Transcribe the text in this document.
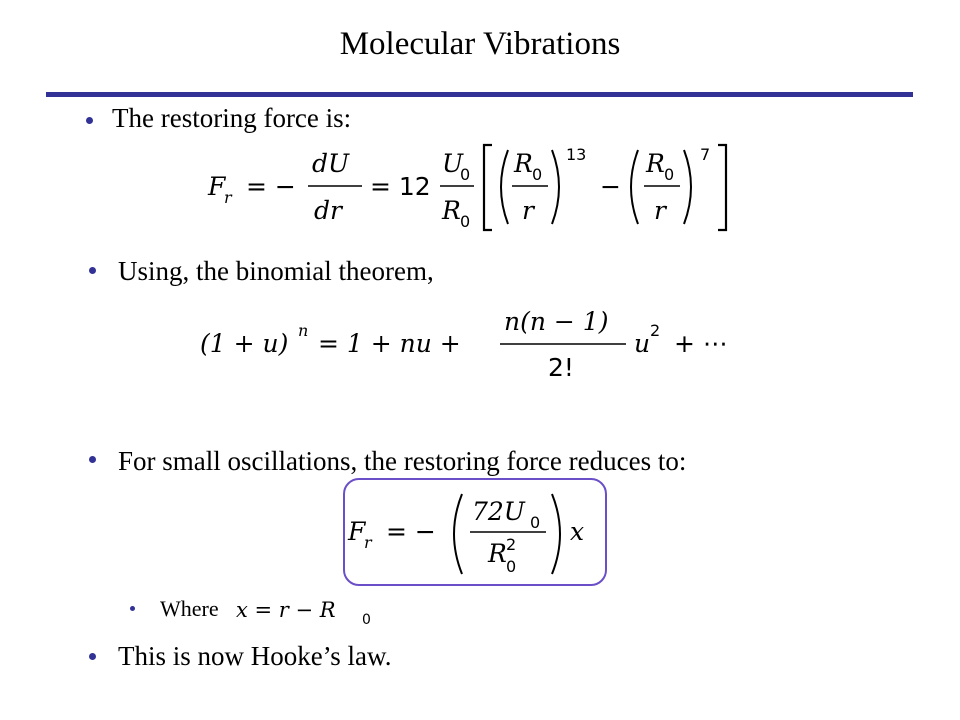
Molecular Vibrations
The restoring force is:
Using, the binomial theorem,
For small oscillations, the restoring force reduces to:
Where
This is now Hooke’s law.
F
r = −
dU
dr
= 12
U
0
R 0
R 0
r
13
−
R 0
r
7
(1 + u) n = 1 + nu +
n(n − 1)
2!
u 2 + ⋯
F
r = −
72U 0
R 2
0
x
x = r − R 0
